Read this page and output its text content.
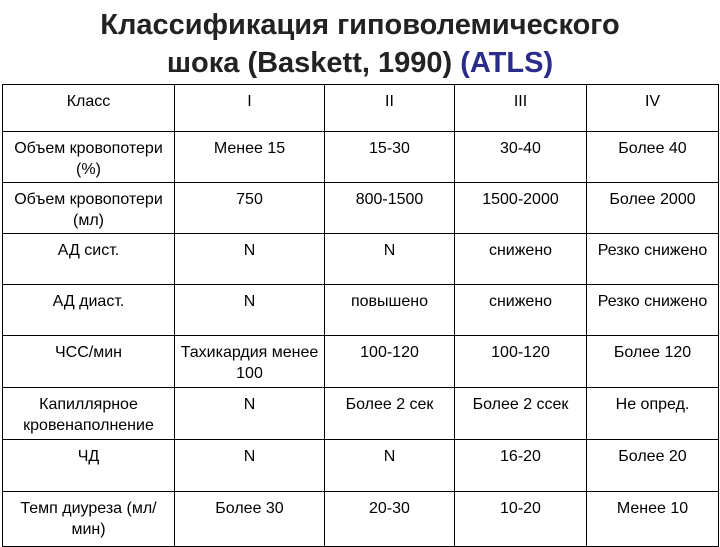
Классификация гиповолемического
шока (Baskett, 1990) (ATLS)
Класс	I	II	III	IV
Объем кровопотери (%)	Менее 15	15-30	30-40	Более 40
Объем кровопотери (мл)	750	800-1500	1500-2000	Более 2000
АД сист.	N	N	снижено	Резко снижено
АД диаст.	N	повышено	снижено	Резко снижено
ЧСС/мин	Тахикардия менее 100	100-120	100-120	Более 120
Капиллярное кровенаполнение	N	Более 2 сек	Более 2 ссек	Не опред.
ЧД	N	N	16-20	Более 20
Темп диуреза (мл/мин)	Более 30	20-30	10-20	Менее 10
